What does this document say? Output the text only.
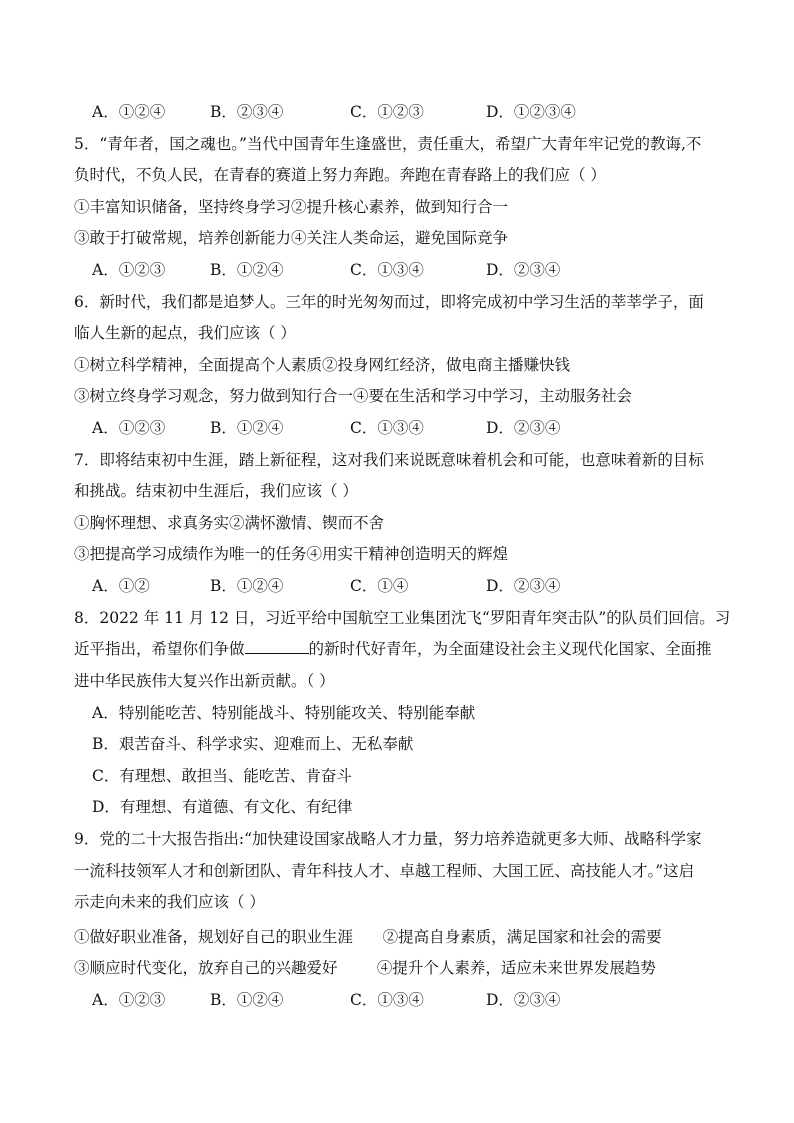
A．①②④	B．②③④	C．①②③	D．①②③④
5．“青年者，国之魂也。”当代中国青年生逢盛世，责任重大，希望广大青年牢记党的教诲,不
负时代，不负人民，在青春的赛道上努力奔跑。奔跑在青春路上的我们应（ ）
①丰富知识储备，坚持终身学习②提升核心素养，做到知行合一
③敢于打破常规，培养创新能力④关注人类命运，避免国际竞争
A．①②③	B．①②④	C．①③④	D．②③④
6．新时代，我们都是追梦人。三年的时光匆匆而过，即将完成初中学习生活的莘莘学子，面
临人生新的起点，我们应该（ ）
①树立科学精神，全面提高个人素质②投身网红经济，做电商主播赚快钱
③树立终身学习观念，努力做到知行合一④要在生活和学习中学习，主动服务社会
A．①②③	B．①②④	C．①③④	D．②③④
7．即将结束初中生涯，踏上新征程，这对我们来说既意味着机会和可能，也意味着新的目标
和挑战。结束初中生涯后，我们应该（ ）
①胸怀理想、求真务实②满怀激情、锲而不舍
③把提高学习成绩作为唯一的任务④用实干精神创造明天的辉煌
A．①②	B．①②④	C．①④	D．②③④
8．2022 年 11 月 12 日，习近平给中国航空工业集团沈飞“罗阳青年突击队”的队员们回信。习
近平指出，希望你们争做	的新时代好青年，为全面建设社会主义现代化国家、全面推
进中华民族伟大复兴作出新贡献。（ ）
A．特别能吃苦、特别能战斗、特别能攻关、特别能奉献
B．艰苦奋斗、科学求实、迎难而上、无私奉献
C．有理想、敢担当、能吃苦、肯奋斗
D．有理想、有道德、有文化、有纪律
9．党的二十大报告指出:“加快建设国家战略人才力量，努力培养造就更多大师、战略科学家
一流科技领军人才和创新团队、青年科技人才、卓越工程师、大国工匠、高技能人才。”这启
示走向未来的我们应该（ ）
①做好职业准备，规划好自己的职业生涯      ②提高自身素质，满足国家和社会的需要
③顺应时代变化，放弃自己的兴趣爱好        ④提升个人素养，适应未来世界发展趋势
A．①②③	B．①②④	C．①③④	D．②③④
